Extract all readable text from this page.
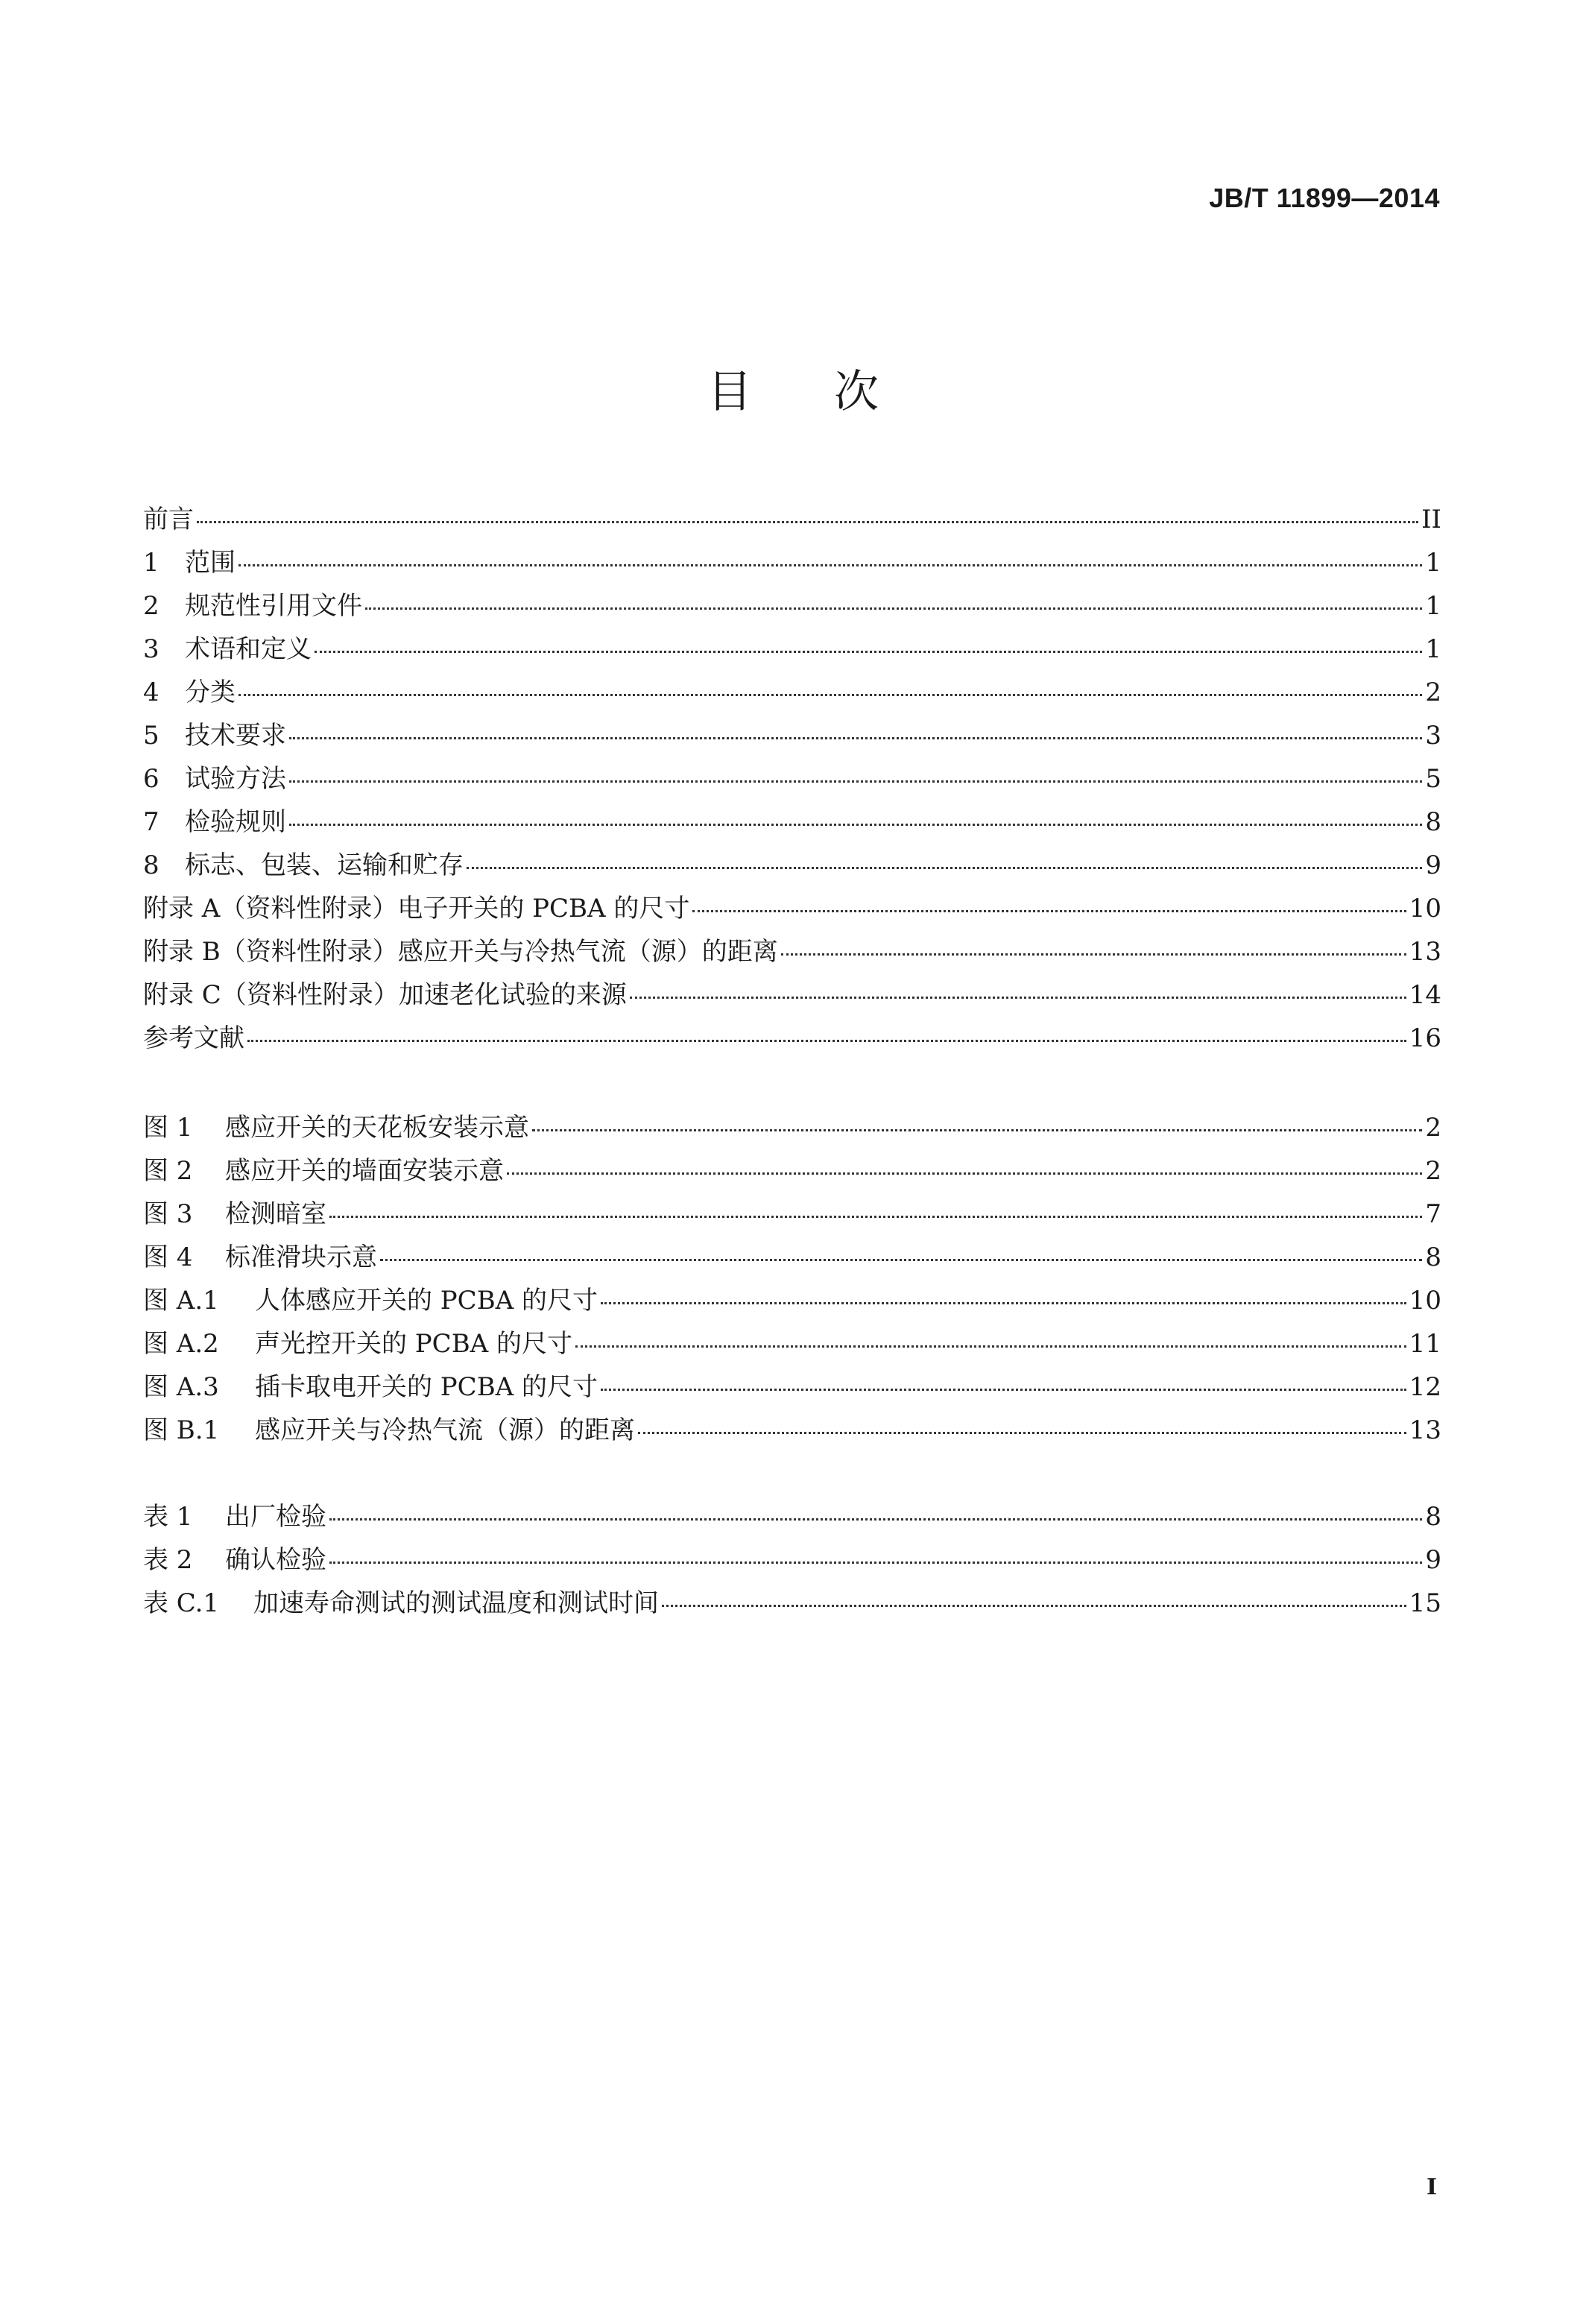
JB/T 11899—2014
目 次
前言	II
1	范围	1
2	规范性引用文件	1
3	术语和定义	1
4	分类	2
5	技术要求	3
6	试验方法	5
7	检验规则	8
8	标志、包装、运输和贮存	9
附录 A（资料性附录）电子开关的 PCBA 的尺寸	10
附录 B（资料性附录）感应开关与冷热气流（源）的距离	13
附录 C（资料性附录）加速老化试验的来源	14
参考文献	16
图 1	感应开关的天花板安装示意	2
图 2	感应开关的墙面安装示意	2
图 3	检测暗室	7
图 4	标准滑块示意	8
图 A.1	人体感应开关的 PCBA 的尺寸	10
图 A.2	声光控开关的 PCBA 的尺寸	11
图 A.3	插卡取电开关的 PCBA 的尺寸	12
图 B.1	感应开关与冷热气流（源）的距离	13
表 1	出厂检验	8
表 2	确认检验	9
表 C.1	加速寿命测试的测试温度和测试时间	15
I
